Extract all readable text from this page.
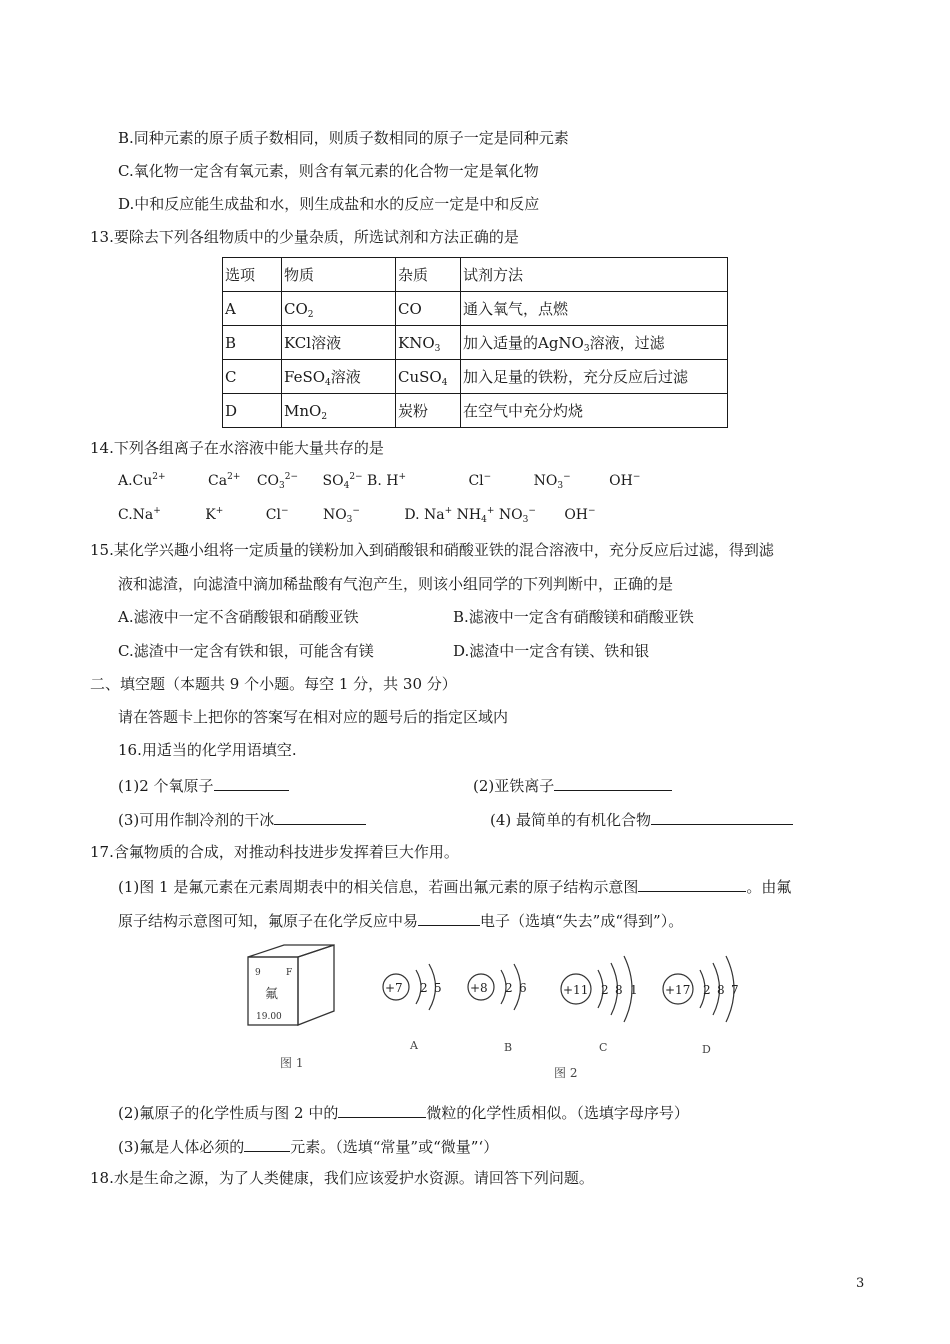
B.同种元素的原子质子数相同，则质子数相同的原子一定是同种元素
C.氧化物一定含有氧元素，则含有氧元素的化合物一定是氧化物
D.中和反应能生成盐和水，则生成盐和水的反应一定是中和反应
13.要除去下列各组物质中的少量杂质，所选试剂和方法正确的是
选项	物质	杂质	试剂方法
A	$CO_2$	CO	通入氧气，点燃
B	KCl溶液	$KNO_3$	加入适量的AgNO$_3$溶液，过滤
C	FeSO$_4$溶液	CuSO$_4$	加入足量的铁粉，充分反应后过滤
D	MnO$_2$	炭粉	在空气中充分灼烧
14.下列各组离子在水溶液中能大量共存的是
$A.Cu^{2+}$	$Ca^{2+}$ $CO_3^{2-}$ $SO_4^{2-}$ B. H+	Cl−	$NO_3^-$	OH−
C.Na+	K+	Cl− $NO_3^-$	D. Na+ $NH_4^+$ $NO_3^-$ OH−
15.某化学兴趣小组将一定质量的镁粉加入到硝酸银和硝酸亚铁的混合溶液中，充分反应后过滤，得到滤
液和滤渣，向滤渣中滴加稀盐酸有气泡产生，则该小组同学的下列判断中，正确的是
A.滤液中一定不含硝酸银和硝酸亚铁	B.滤液中一定含有硝酸镁和硝酸亚铁
C.滤渣中一定含有铁和银，可能含有镁	D.滤渣中一定含有镁、铁和银
二、填空题（本题共 9 个小题。每空 1 分，共 30 分）
请在答题卡上把你的答案写在相对应的题号后的指定区域内
16.用适当的化学用语填空.
(1)2 个氧原子	(2)亚铁离子
(3)可用作制冷剂的干冰	(4) 最简单的有机化合物
17.含氟物质的合成，对推动科技进步发挥着巨大作用。
(1)图 1 是氟元素在元素周期表中的相关信息，若画出氟元素的原子结构示意图	。由氟
原子结构示意图可知，氟原子在化学反应中易	电子（选填“失去”成“得到”）。
9	F
氟
19.00
图 1
+7 2 5
A
+8 2 6
B
+11 2 8 1
C
图 2
+17 2 8 7
D
(2)氟原子的化学性质与图 2 中的	微粒的化学性质相似。（选填字母序号）
(3)氟是人体必须的	元素。（选填“常量”或“微量”‘）
18.水是生命之源，为了人类健康，我们应该爱护水资源。请回答下列问题。
3
